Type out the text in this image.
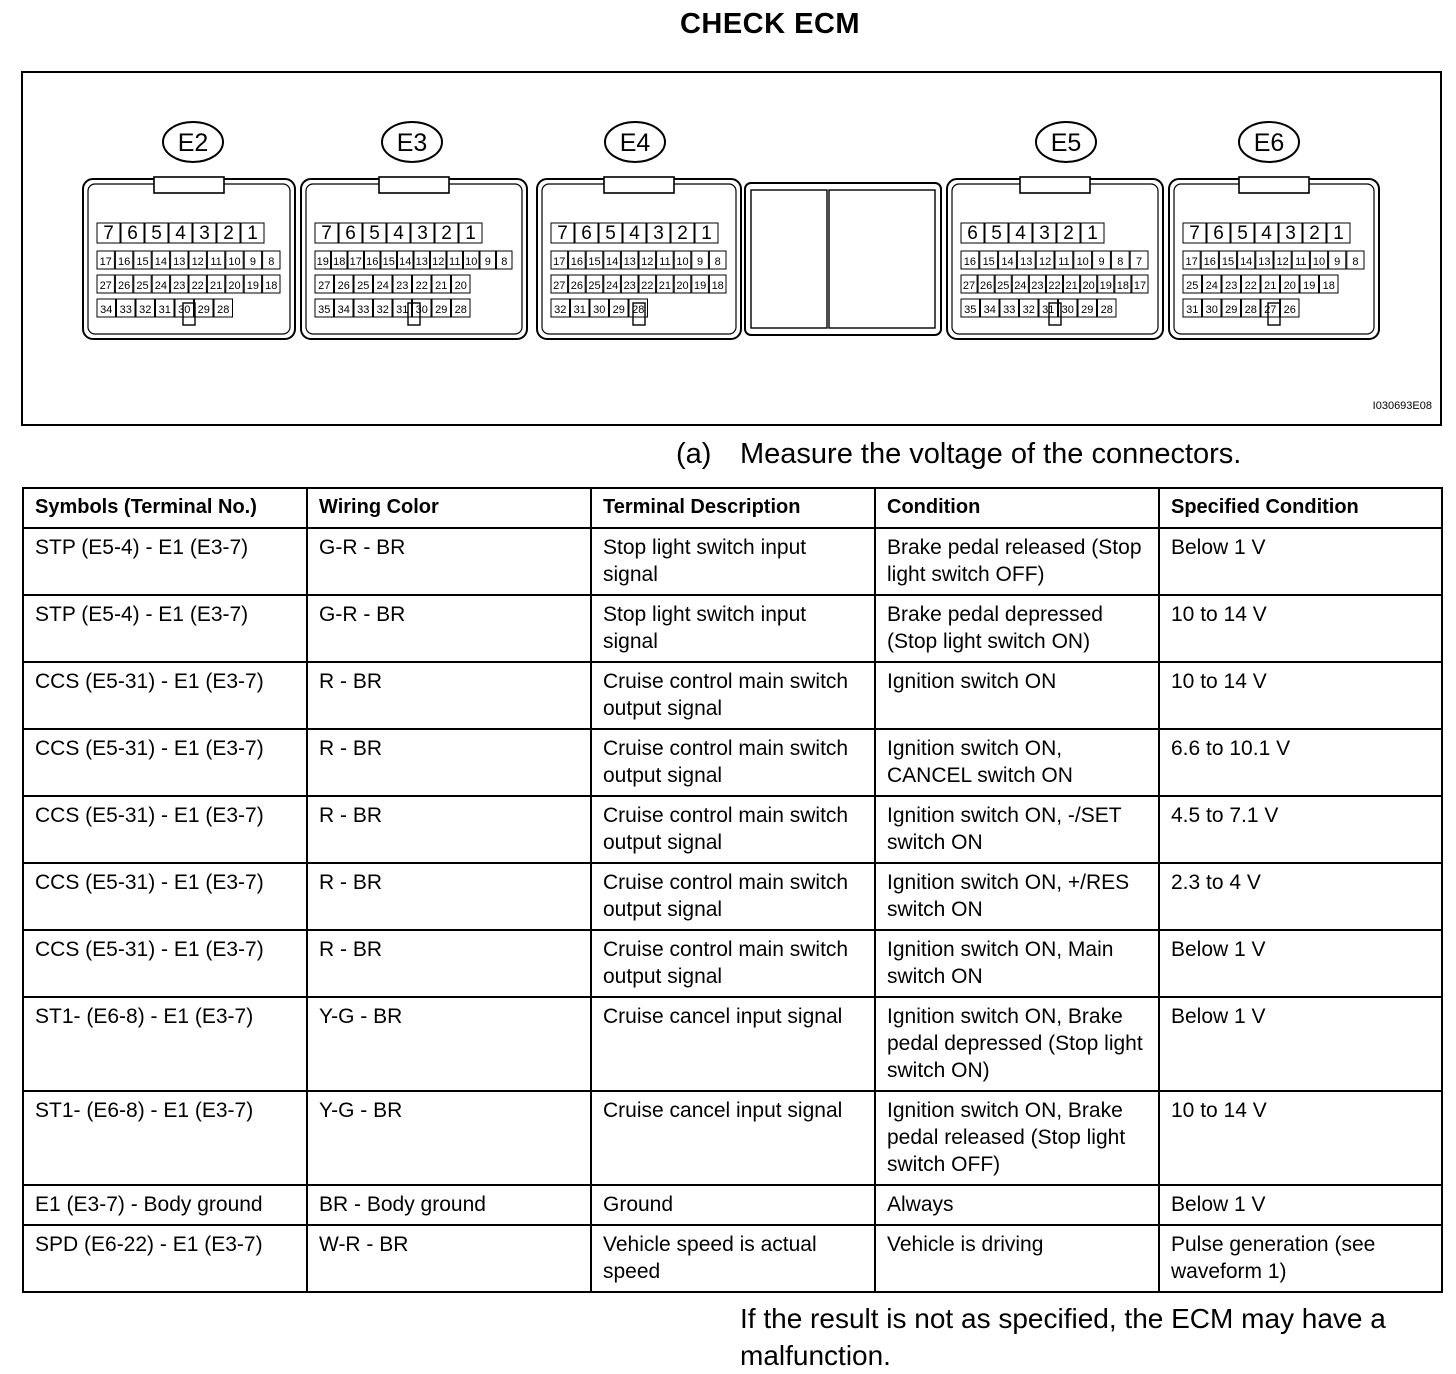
CHECK ECM
E2
7 6 5 4 3 2 1
17 16 15 14 13 12 11 10 9 8
27 26 25 24 23 22 21 20 19 18
34 33 32 31 30 29 28
E3
7 6 5 4 3 2 1
19 18 17 16 15 14 13 12 11 10 9 8
27 26 25 24 23 22 21 20
35 34 33 32 31 30 29 28
E4
7 6 5 4 3 2 1
17 16 15 14 13 12 11 10 9 8
27 26 25 24 23 22 21 20 19 18
32 31 30 29 28
E5
6 5 4 3 2 1
16 15 14 13 12 11 10 9 8 7
27 26 25 24 23 22 21 20 19 18 17
35 34 33 32 31 30 29 28
E6
7 6 5 4 3 2 1
17 16 15 14 13 12 11 10 9 8
25 24 23 22 21 20 19 18
31 30 29 28 27 26
I030693E08
(a) Measure the voltage of the connectors.
Symbols (Terminal No.)	Wiring Color	Terminal Description	Condition	Specified Condition
STP (E5-4) - E1 (E3-7)	G-R - BR	Stop light switch input signal	Brake pedal released (Stop light switch OFF)	Below 1 V
STP (E5-4) - E1 (E3-7)	G-R - BR	Stop light switch input signal	Brake pedal depressed (Stop light switch ON)	10 to 14 V
CCS (E5-31) - E1 (E3-7)	R - BR	Cruise control main switch output signal	Ignition switch ON	10 to 14 V
CCS (E5-31) - E1 (E3-7)	R - BR	Cruise control main switch output signal	Ignition switch ON, CANCEL switch ON	6.6 to 10.1 V
CCS (E5-31) - E1 (E3-7)	R - BR	Cruise control main switch output signal	Ignition switch ON, -/SET switch ON	4.5 to 7.1 V
CCS (E5-31) - E1 (E3-7)	R - BR	Cruise control main switch output signal	Ignition switch ON, +/RES switch ON	2.3 to 4 V
CCS (E5-31) - E1 (E3-7)	R - BR	Cruise control main switch output signal	Ignition switch ON, Main switch ON	Below 1 V
ST1- (E6-8) - E1 (E3-7)	Y-G - BR	Cruise cancel input signal	Ignition switch ON, Brake pedal depressed (Stop light switch ON)	Below 1 V
ST1- (E6-8) - E1 (E3-7)	Y-G - BR	Cruise cancel input signal	Ignition switch ON, Brake pedal released (Stop light switch OFF)	10 to 14 V
E1 (E3-7) - Body ground	BR - Body ground	Ground	Always	Below 1 V
SPD (E6-22) - E1 (E3-7)	W-R - BR	Vehicle speed is actual speed	Vehicle is driving	Pulse generation (see waveform 1)
If the result is not as specified, the ECM may have a malfunction.
